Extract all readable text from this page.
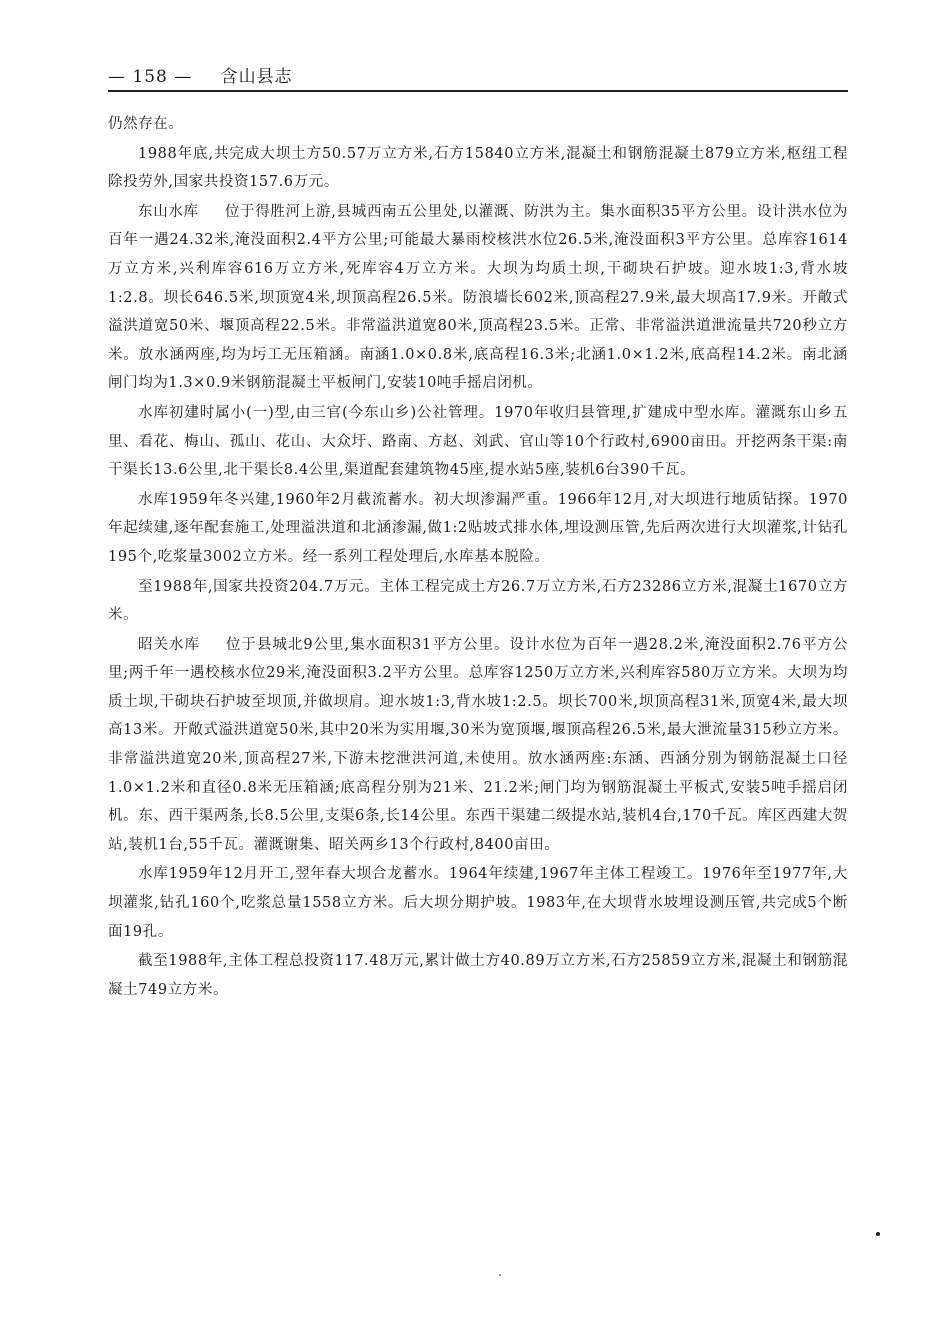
— 158 — 含山县志

仍然存在。

1988年底,共完成大坝土方50.57万立方米,石方15840立方米,混凝土和钢筋混凝土879立方米,枢纽工程除投劳外,国家共投资157.6万元。

东山水库 位于得胜河上游,县城西南五公里处,以灌溉、防洪为主。集水面积35平方公里。设计洪水位为百年一遇24.32米,淹没面积2.4平方公里;可能最大暴雨校核洪水位26.5米,淹没面积3平方公里。总库容1614万立方米,兴利库容616万立方米,死库容4万立方米。大坝为均质土坝,干砌块石护坡。迎水坡1:3,背水坡1:2.8。坝长646.5米,坝顶宽4米,坝顶高程26.5米。防浪墙长602米,顶高程27.9米,最大坝高17.9米。开敞式溢洪道宽50米、堰顶高程22.5米。非常溢洪道宽80米,顶高程23.5米。正常、非常溢洪道泄流量共720秒立方米。放水涵两座,均为圬工无压箱涵。南涵1.0×0.8米,底高程16.3米;北涵1.0×1.2米,底高程14.2米。南北涵闸门均为1.3×0.9米钢筋混凝土平板闸门,安装10吨手摇启闭机。

水库初建时属小(一)型,由三官(今东山乡)公社管理。1970年收归县管理,扩建成中型水库。灌溉东山乡五里、看花、梅山、孤山、花山、大众圩、路南、方赵、刘武、官山等10个行政村,6900亩田。开挖两条干渠:南干渠长13.6公里,北干渠长8.4公里,渠道配套建筑物45座,提水站5座,装机6台390千瓦。

水库1959年冬兴建,1960年2月截流蓄水。初大坝渗漏严重。1966年12月,对大坝进行地质钻探。1970年起续建,逐年配套施工,处理溢洪道和北涵渗漏,做1:2贴坡式排水体,埋设测压管,先后两次进行大坝灌浆,计钻孔195个,吃浆量3002立方米。经一系列工程处理后,水库基本脱险。

至1988年,国家共投资204.7万元。主体工程完成土方26.7万立方米,石方23286立方米,混凝土1670立方米。

昭关水库 位于县城北9公里,集水面积31平方公里。设计水位为百年一遇28.2米,淹没面积2.76平方公里;两千年一遇校核水位29米,淹没面积3.2平方公里。总库容1250万立方米,兴利库容580万立方米。大坝为均质土坝,干砌块石护坡至坝顶,并做坝肩。迎水坡1:3,背水坡1:2.5。坝长700米,坝顶高程31米,顶宽4米,最大坝高13米。开敞式溢洪道宽50米,其中20米为实用堰,30米为宽顶堰,堰顶高程26.5米,最大泄流量315秒立方米。非常溢洪道宽20米,顶高程27米,下游未挖泄洪河道,未使用。放水涵两座:东涵、西涵分别为钢筋混凝土口径1.0×1.2米和直径0.8米无压箱涵;底高程分别为21米、21.2米;闸门均为钢筋混凝土平板式,安装5吨手摇启闭机。东、西干渠两条,长8.5公里,支渠6条,长14公里。东西干渠建二级提水站,装机4台,170千瓦。库区西建大贺站,装机1台,55千瓦。灌溉谢集、昭关两乡13个行政村,8400亩田。

水库1959年12月开工,翌年春大坝合龙蓄水。1964年续建,1967年主体工程竣工。1976年至1977年,大坝灌浆,钻孔160个,吃浆总量1558立方米。后大坝分期护坡。1983年,在大坝背水坡埋设测压管,共完成5个断面19孔。

截至1988年,主体工程总投资117.48万元,累计做土方40.89万立方米,石方25859立方米,混凝土和钢筋混凝土749立方米。
